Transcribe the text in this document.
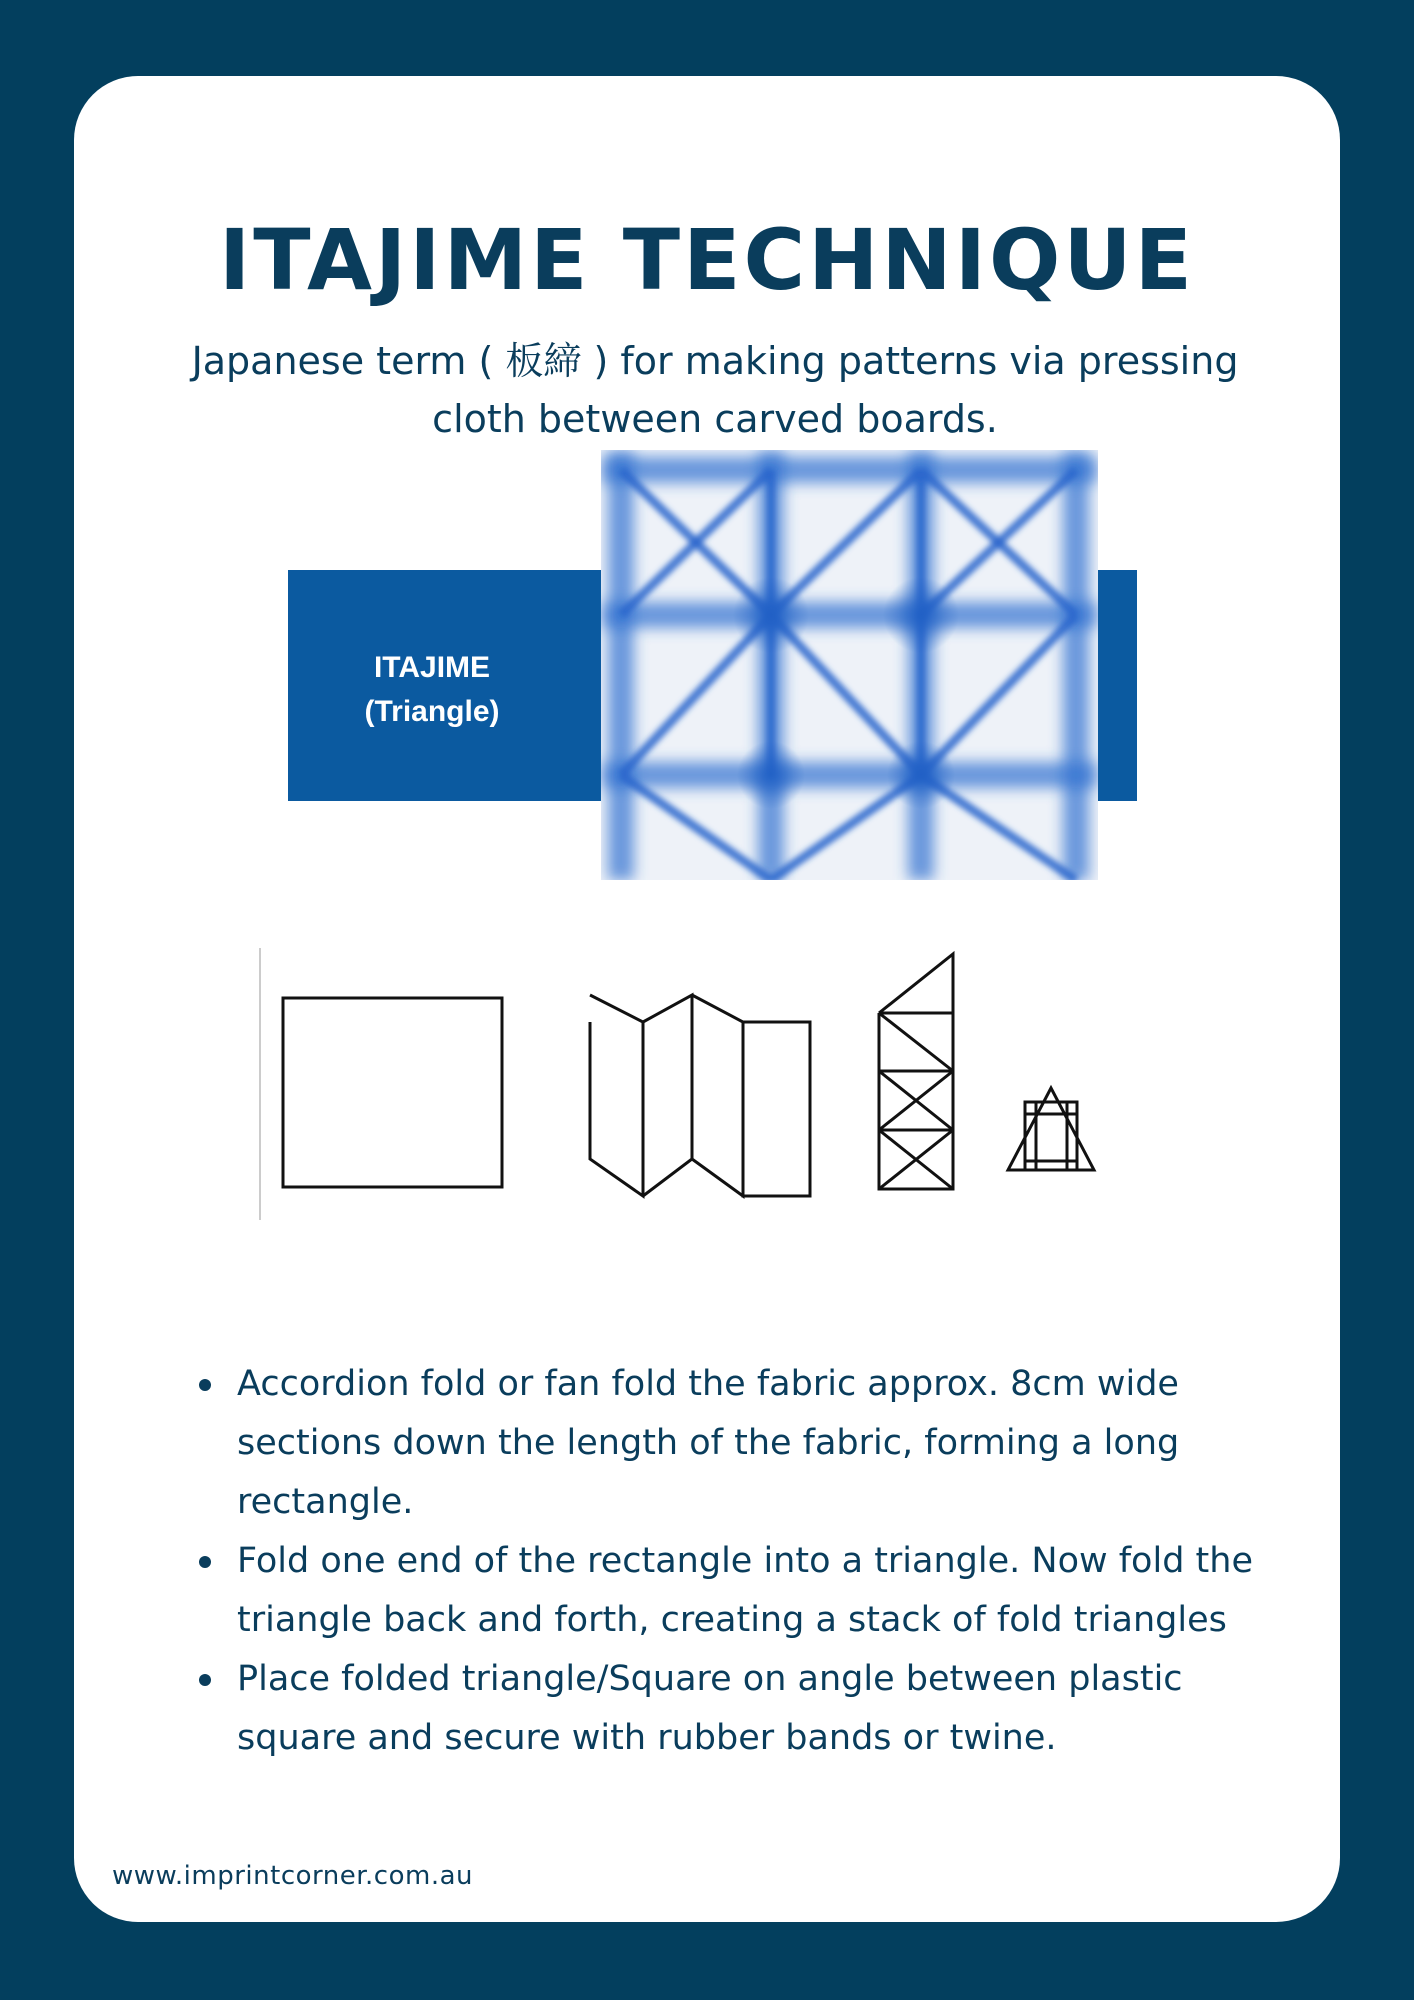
ITAJIME TECHNIQUE
Japanese term ( 板締 ) for making patterns via pressing cloth between carved boards.
ITAJIME
(Triangle)
Accordion fold or fan fold the fabric approx. 8cm wide sections down the length of the fabric, forming a long rectangle.
Fold one end of the rectangle into a triangle. Now fold the triangle back and forth, creating a stack of fold triangles
Place folded triangle/Square on angle between plastic square and secure with rubber bands or twine.
www.imprintcorner.com.au
